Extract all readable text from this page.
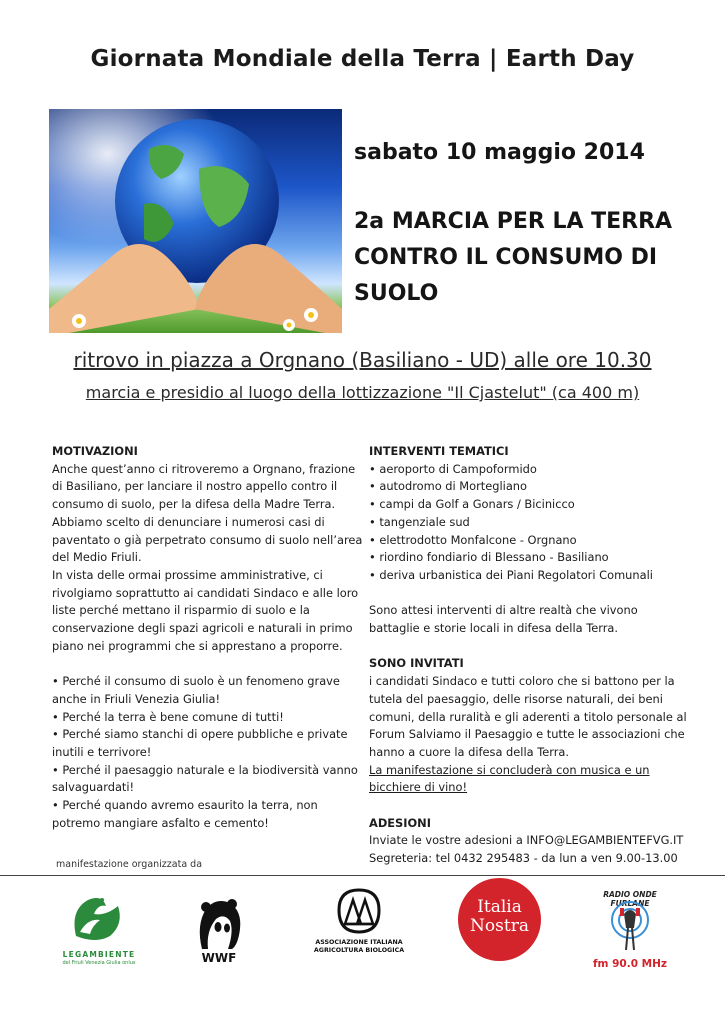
Giornata Mondiale della Terra | Earth Day
sabato 10 maggio 2014
2a MARCIA PER LA TERRA
CONTRO IL CONSUMO DI
SUOLO
ritrovo in piazza a Orgnano (Basiliano - UD) alle ore 10.30
marcia e presidio al luogo della lottizzazione "Il Cjastelut" (ca 400 m)
MOTIVAZIONI
Anche quest’anno ci ritroveremo a Orgnano, frazione
di Basiliano, per lanciare il nostro appello contro il
consumo di suolo, per la difesa della Madre Terra.
Abbiamo scelto di denunciare i numerosi casi di
paventato o già perpetrato consumo di suolo nell’area
del Medio Friuli.
In vista delle ormai prossime amministrative, ci
rivolgiamo soprattutto ai candidati Sindaco e alle loro
liste perché mettano il risparmio di suolo e la
conservazione degli spazi agricoli e naturali in primo
piano nei programmi che si apprestano a proporre.
• Perché il consumo di suolo è un fenomeno grave
anche in Friuli Venezia Giulia!
• Perché la terra è bene comune di tutti!
• Perché siamo stanchi di opere pubbliche e private
inutili e terrivore!
• Perché il paesaggio naturale e la biodiversità vanno
salvaguardati!
• Perché quando avremo esaurito la terra, non
potremo mangiare asfalto e cemento!
INTERVENTI TEMATICI
• aeroporto di Campoformido
• autodromo di Mortegliano
• campi da Golf a Gonars / Bicinicco
• tangenziale sud
• elettrodotto Monfalcone - Orgnano
• riordino fondiario di Blessano - Basiliano
• deriva urbanistica dei Piani Regolatori Comunali
Sono attesi interventi di altre realtà che vivono
battaglie e storie locali in difesa della Terra.
SONO INVITATI
i candidati Sindaco e tutti coloro che si battono per la
tutela del paesaggio, delle risorse naturali, dei beni
comuni, della ruralità e gli aderenti a titolo personale al
Forum Salviamo il Paesaggio e tutte le associazioni che
hanno a cuore la difesa della Terra.
La manifestazione si concluderà con musica e un
bicchiere di vino!
ADESIONI
Inviate le vostre adesioni a INFO@LEGAMBIENTEFVG.IT
Segreteria: tel 0432 295483 - da lun a ven 9.00-13.00
manifestazione organizzata da
LEGAMBIENTE
del Friuli Venezia Giulia onlus	WWF
ASSOCIAZIONE ITALIANA
AGRICOLTURA BIOLOGICA
Italia
Nostra
RADIO ONDE FURLANE
fm 90.0 MHz
